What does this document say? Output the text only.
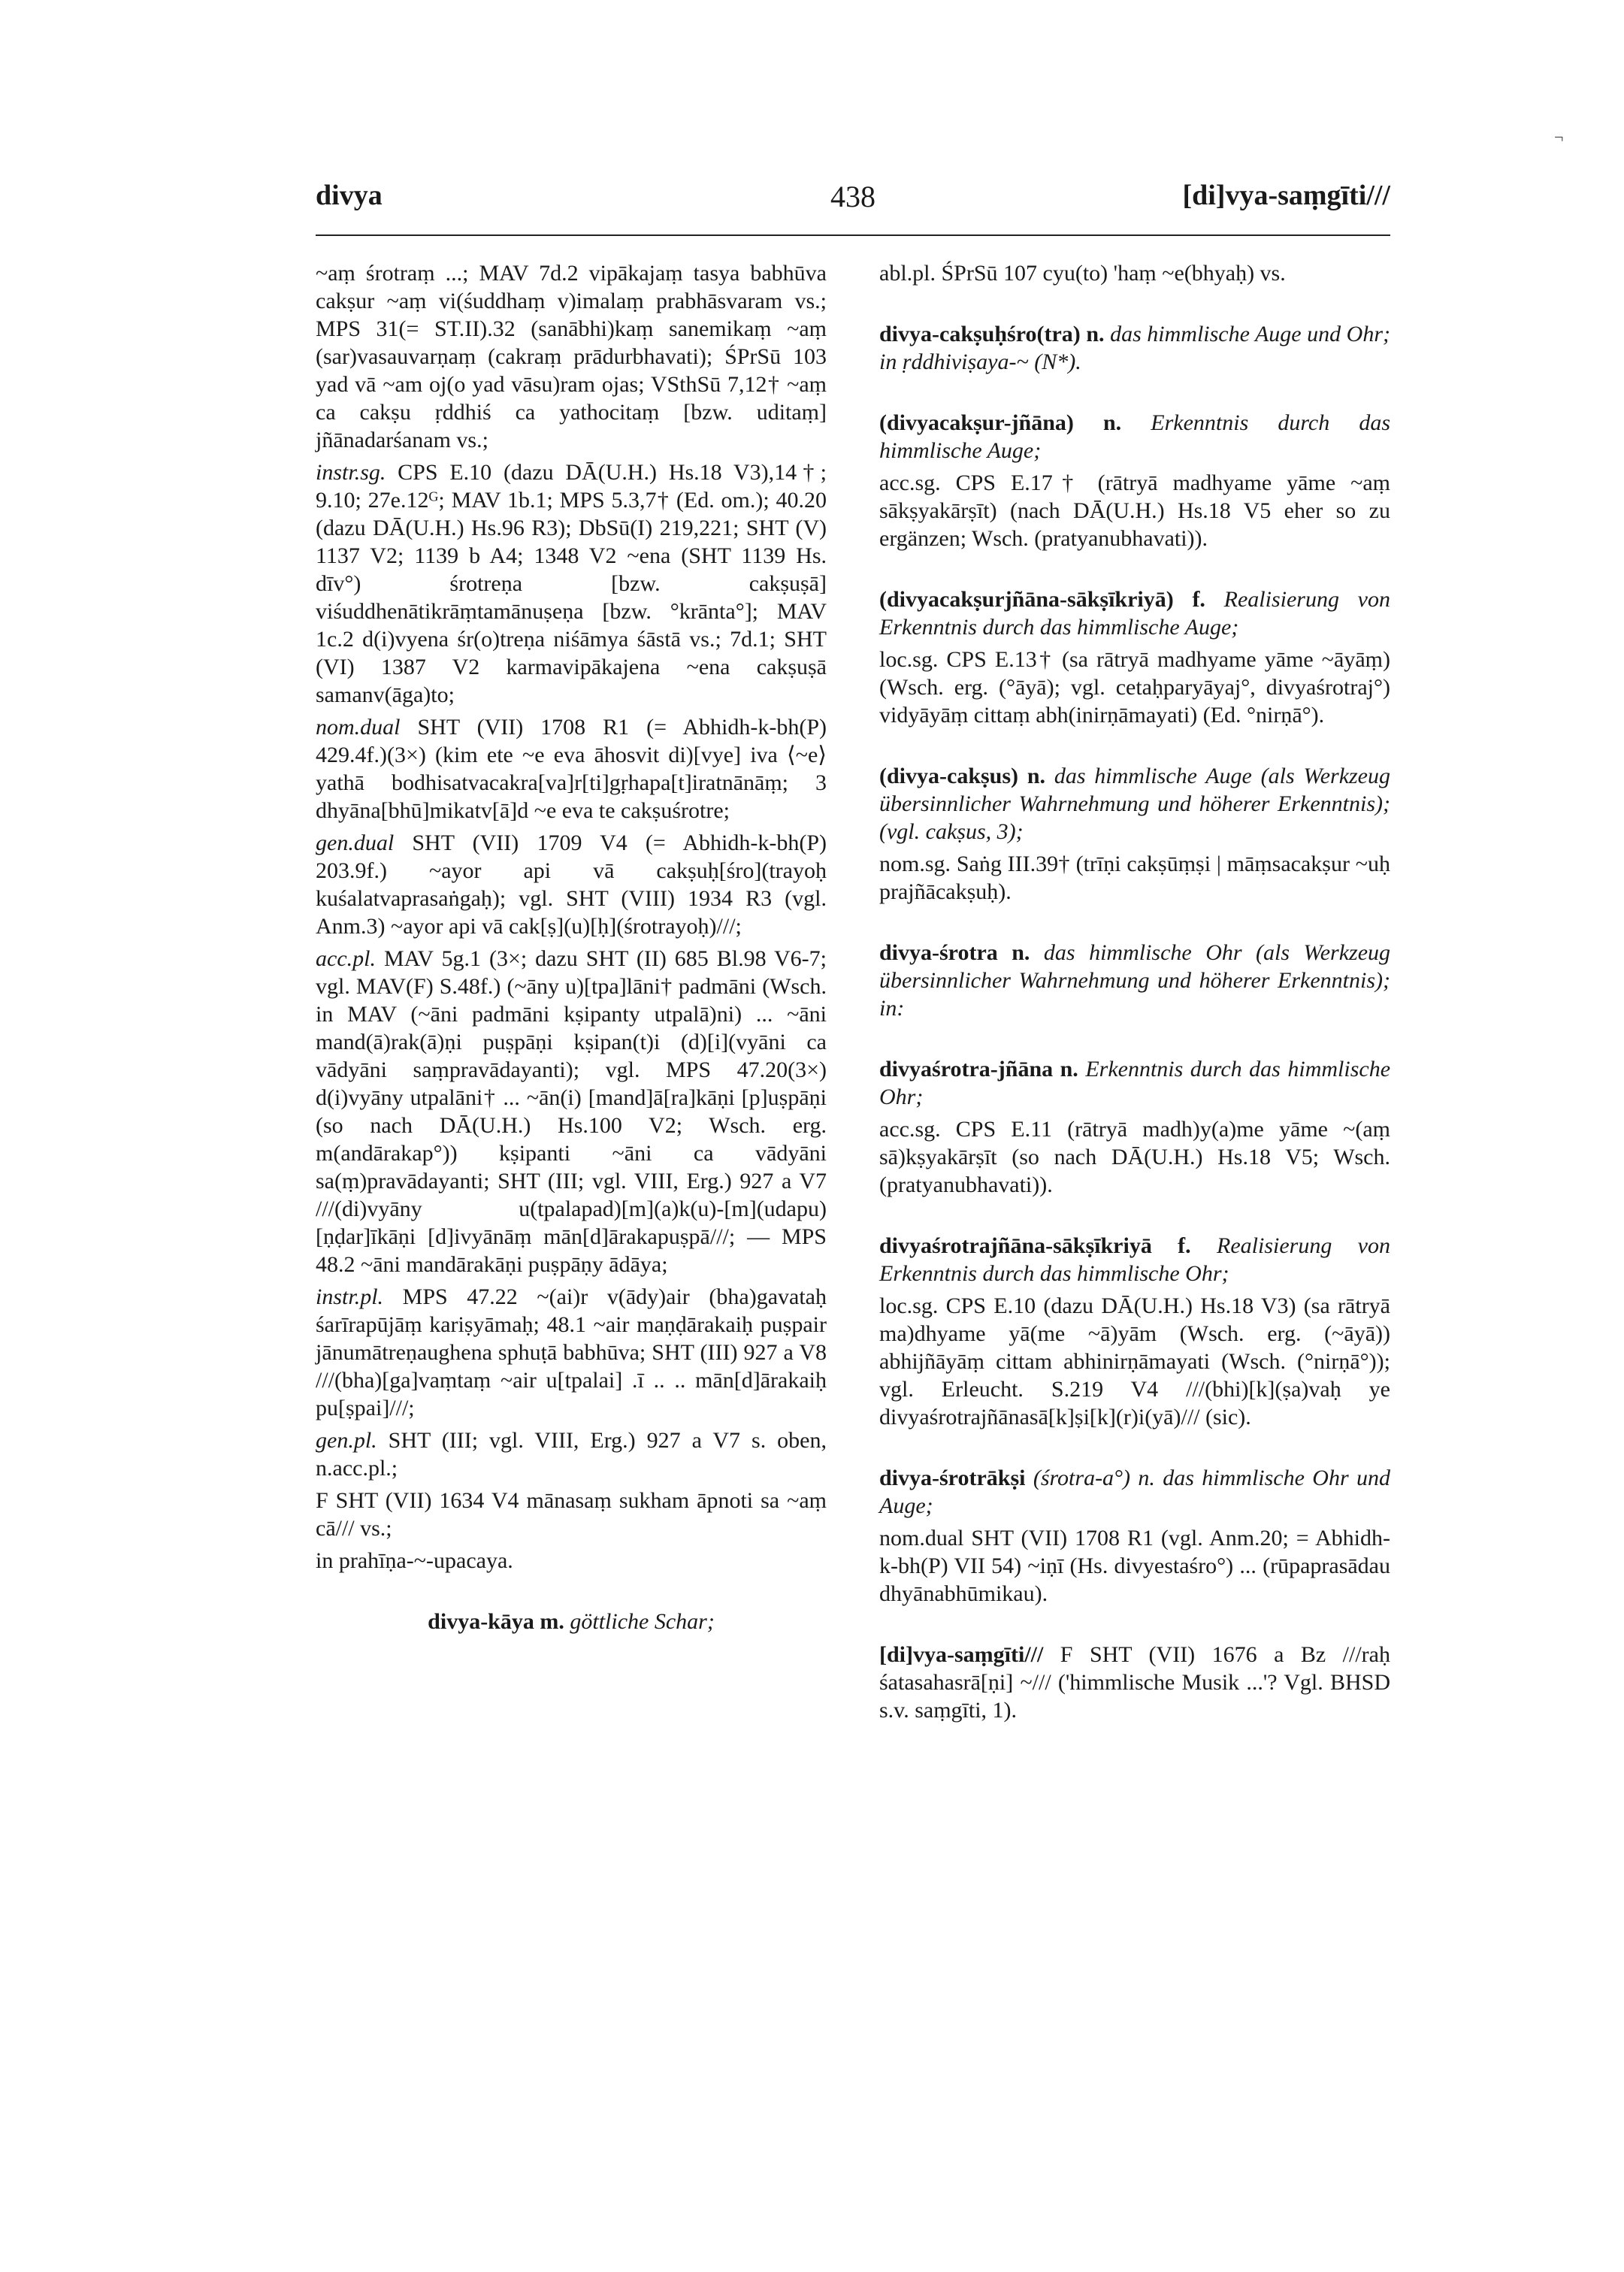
¬
438
divya	[di]vya-saṃgīti///

~aṃ śrotraṃ ...; MAV 7d.2 vipākajaṃ tasya babhūva cakṣur ~aṃ vi(śuddhaṃ v)imalaṃ prabhāsvaram vs.; MPS 31(= ST.II).32 (sanābhi)kaṃ sanemikaṃ ~aṃ (sar)vasauvarṇaṃ (cakraṃ prādurbhavati); ŚPrSū 103 yad vā ~am oj(o yad vāsu)ram ojas; VSthSū 7,12† ~aṃ ca cakṣu ṛddhiś ca yathocitaṃ [bzw. uditaṃ] jñānadarśanam vs.;

instr.sg. CPS E.10 (dazu DĀ(U.H.) Hs.18 V3),14†; 9.10; 27e.12ᴳ; MAV 1b.1; MPS 5.3,7† (Ed. om.); 40.20 (dazu DĀ(U.H.) Hs.96 R3); DbSū(I) 219,221; SHT (V) 1137 V2; 1139 b A4; 1348 V2 ~ena (SHT 1139 Hs. dīv°) śrotreṇa [bzw. cakṣuṣā] viśuddhenātikrāṃtamānuṣeṇa [bzw. °krānta°]; MAV 1c.2 d(i)vyena śr(o)treṇa niśāmya śāstā vs.; 7d.1; SHT (VI) 1387 V2 karmavipākajena ~ena cakṣuṣā samanv(āga)to;

nom.dual SHT (VII) 1708 R1 (= Abhidh-k-bh(P) 429.4f.)(3×) (kim ete ~e eva āhosvit di)[vye] iva ⟨~e⟩ yathā bodhisatvacakra[va]r[ti]gṛhapa[t]iratnānāṃ; 3 dhyāna[bhū]mikatv[ā]d ~e eva te cakṣuśrotre;

gen.dual SHT (VII) 1709 V4 (= Abhidh-k-bh(P) 203.9f.) ~ayor api vā cakṣuḥ[śro](trayoḥ kuśalatvaprasaṅgaḥ); vgl. SHT (VIII) 1934 R3 (vgl. Anm.3) ~ayor api vā cak[ṣ](u)[ḥ](śrotrayoḥ)///;

acc.pl. MAV 5g.1 (3×; dazu SHT (II) 685 Bl.98 V6-7; vgl. MAV(F) S.48f.) (~āny u)[tpa]lāni† padmāni (Wsch. in MAV (~āni padmāni kṣipanty utpalā)ni) ... ~āni mand(ā)rak(ā)ṇi puṣpāṇi kṣipan(t)i (d)[i](vyāni ca vādyāni saṃpravādayanti); vgl. MPS 47.20(3×) d(i)vyāny utpalāni† ... ~ān(i) [mand]ā[ra]kāṇi [p]uṣpāṇi (so nach DĀ(U.H.) Hs.100 V2; Wsch. erg. m(andārakap°)) kṣipanti ~āni ca vādyāni sa(ṃ)pravādayanti; SHT (III; vgl. VIII, Erg.) 927 a V7 ///(di)vyāny u(tpalapad)[m](a)k(u)-[m](udapu)[ṇḍar]īkāṇi [d]ivyānāṃ mān[d]ārakapuṣpā///; — MPS 48.2 ~āni mandārakāṇi puṣpāṇy ādāya;

instr.pl. MPS 47.22 ~(ai)r v(ādy)air (bha)gavataḥ śarīrapūjāṃ kariṣyāmaḥ; 48.1 ~air maṇḍārakaiḥ puṣpair jānumātreṇaughena sphuṭā babhūva; SHT (III) 927 a V8 ///(bha)[ga]vaṃtaṃ ~air u[tpalai] .ī .. .. mān[d]ārakaiḥ pu[ṣpai]///;

gen.pl. SHT (III; vgl. VIII, Erg.) 927 a V7 s. oben, n.acc.pl.;

F SHT (VII) 1634 V4 mānasaṃ sukham āpnoti sa ~aṃ cā/// vs.;

in prahīṇa-~-upacaya.

divya-kāya m. göttliche Schar;

abl.pl. ŚPrSū 107 cyu(to) 'haṃ ~e(bhyaḥ) vs.

divya-cakṣuḥśro(tra) n. das himmlische Auge und Ohr; in ṛddhiviṣaya-~ (N*).

(divyacakṣur-jñāna) n. Erkenntnis durch das himmlische Auge;

acc.sg. CPS E.17† (rātryā madhyame yāme ~aṃ sākṣyakārṣīt) (nach DĀ(U.H.) Hs.18 V5 eher so zu ergänzen; Wsch. (pratyanubhavati)).

(divyacakṣurjñāna-sākṣīkriyā) f. Realisierung von Erkenntnis durch das himmlische Auge;

loc.sg. CPS E.13† (sa rātryā madhyame yāme ~āyāṃ) (Wsch. erg. (°āyā); vgl. cetaḥparyāyaj°, divyaśrotraj°) vidyāyāṃ cittaṃ abh(inirṇāmayati) (Ed. °nirṇā°).

(divya-cakṣus) n. das himmlische Auge (als Werkzeug übersinnlicher Wahrnehmung und höherer Erkenntnis); (vgl. cakṣus, 3);

nom.sg. Saṅg III.39† (trīṇi cakṣūṃṣi | māṃsacakṣur ~uḥ prajñācakṣuḥ).

divya-śrotra n. das himmlische Ohr (als Werkzeug übersinnlicher Wahrnehmung und höherer Erkenntnis); in:

divyaśrotra-jñāna n. Erkenntnis durch das himmlische Ohr;

acc.sg. CPS E.11 (rātryā madh)y(a)me yāme ~(aṃ sā)kṣyakārṣīt (so nach DĀ(U.H.) Hs.18 V5; Wsch. (pratyanubhavati)).

divyaśrotrajñāna-sākṣīkriyā f. Realisierung von Erkenntnis durch das himmlische Ohr;

loc.sg. CPS E.10 (dazu DĀ(U.H.) Hs.18 V3) (sa rātryā ma)dhyame yā(me ~ā)yām (Wsch. erg. (~āyā)) abhijñāyāṃ cittam abhinirṇāmayati (Wsch. (°nirṇā°)); vgl. Erleucht. S.219 V4 ///(bhi)[k](ṣa)vaḥ ye divyaśrotrajñānasā[k]ṣi[k](r)i(yā)/// (sic).

divya-śrotrākṣi (śrotra-a°) n. das himmlische Ohr und Auge;

nom.dual SHT (VII) 1708 R1 (vgl. Anm.20; = Abhidh-k-bh(P) VII 54) ~iṇī (Hs. divyestaśro°) ... (rūpaprasādau dhyānabhūmikau).

[di]vya-saṃgīti/// F SHT (VII) 1676 a Bz ///raḥ śatasahasrā[ṇi] ~/// ('himmlische Musik ...'? Vgl. BHSD s.v. saṃgīti, 1).
